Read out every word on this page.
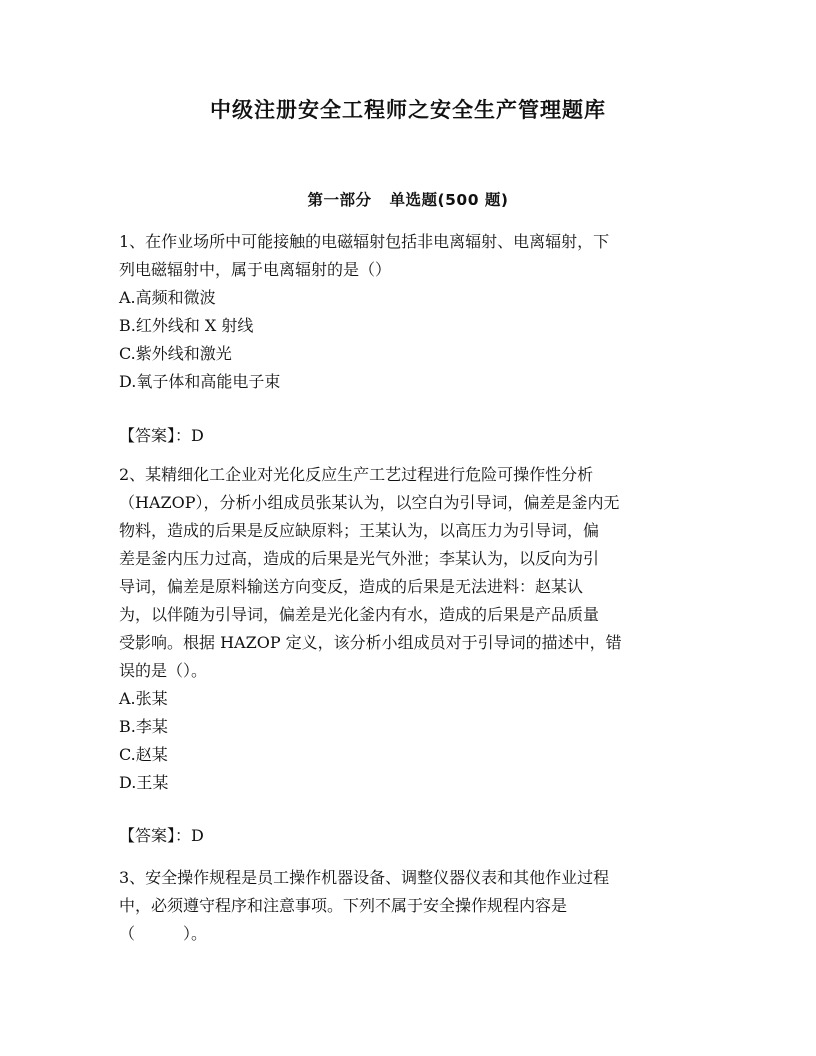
中级注册安全工程师之安全生产管理题库
第一部分 单选题(500 题)
1、在作业场所中可能接触的电磁辐射包括非电离辐射、电离辐射，下
列电磁辐射中，属于电离辐射的是（）
A.高频和微波
B.红外线和 X 射线
C.紫外线和激光
D.氧子体和高能电子束
【答案】：D
2、某精细化工企业对光化反应生产工艺过程进行危险可操作性分析
（HAZOP），分析小组成员张某认为，以空白为引导词，偏差是釜内无
物料，造成的后果是反应缺原料；王某认为，以高压力为引导词，偏
差是釜内压力过高，造成的后果是光气外泄；李某认为，以反向为引
导词，偏差是原料输送方向变反，造成的后果是无法进料：赵某认
为，以伴随为引导词，偏差是光化釜内有水，造成的后果是产品质量
受影响。根据 HAZOP 定义，该分析小组成员对于引导词的描述中，错
误的是（）。
A.张某
B.李某
C.赵某
D.王某
【答案】：D
3、安全操作规程是员工操作机器设备、调整仪器仪表和其他作业过程
中，必须遵守程序和注意事项。下列不属于安全操作规程内容是
（　　　）。
